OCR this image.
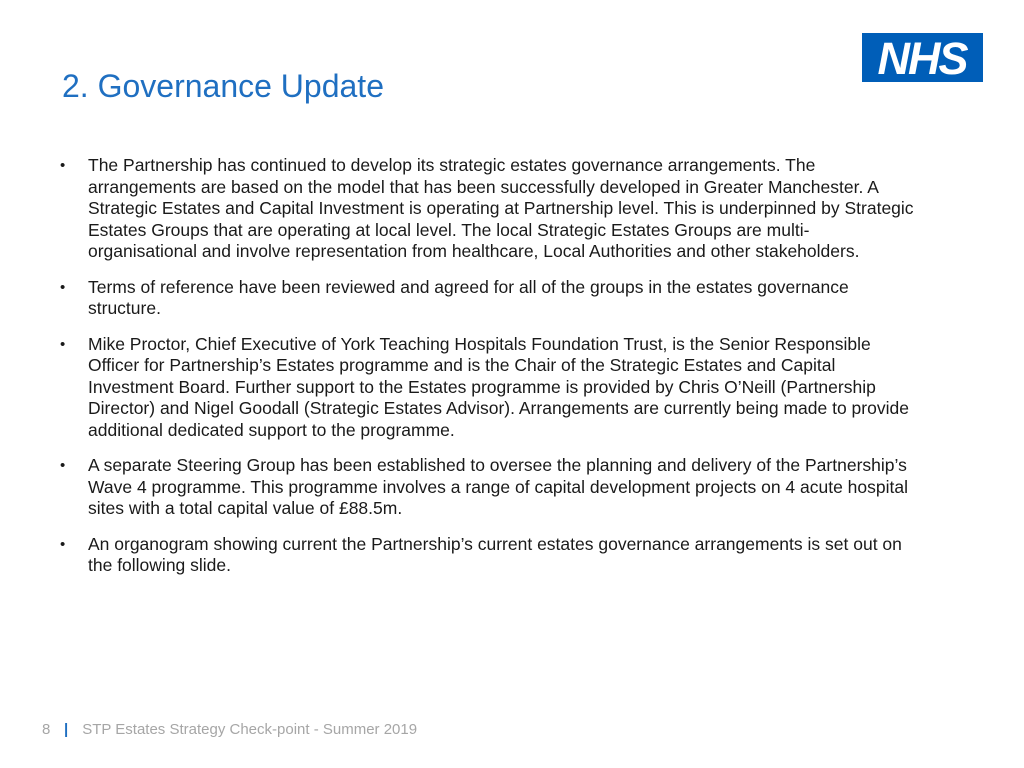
2. Governance Update
NHS
• The Partnership has continued to develop its strategic estates governance arrangements. The arrangements are based on the model that has been successfully developed in Greater Manchester. A Strategic Estates and Capital Investment is operating at Partnership level. This is underpinned by Strategic Estates Groups that are operating at local level. The local Strategic Estates Groups are multi-organisational and involve representation from healthcare, Local Authorities and other stakeholders.
• Terms of reference have been reviewed and agreed for all of the groups in the estates governance structure.
• Mike Proctor, Chief Executive of York Teaching Hospitals Foundation Trust, is the Senior Responsible Officer for Partnership’s Estates programme and is the Chair of the Strategic Estates and Capital Investment Board. Further support to the Estates programme is provided by Chris O’Neill (Partnership Director) and Nigel Goodall (Strategic Estates Advisor). Arrangements are currently being made to provide additional dedicated support to the programme.
• A separate Steering Group has been established to oversee the planning and delivery of the Partnership’s Wave 4 programme. This programme involves a range of capital development projects on 4 acute hospital sites with a total capital value of £88.5m.
• An organogram showing current the Partnership’s current estates governance arrangements is set out on the following slide.
8 | STP Estates Strategy Check-point - Summer 2019
